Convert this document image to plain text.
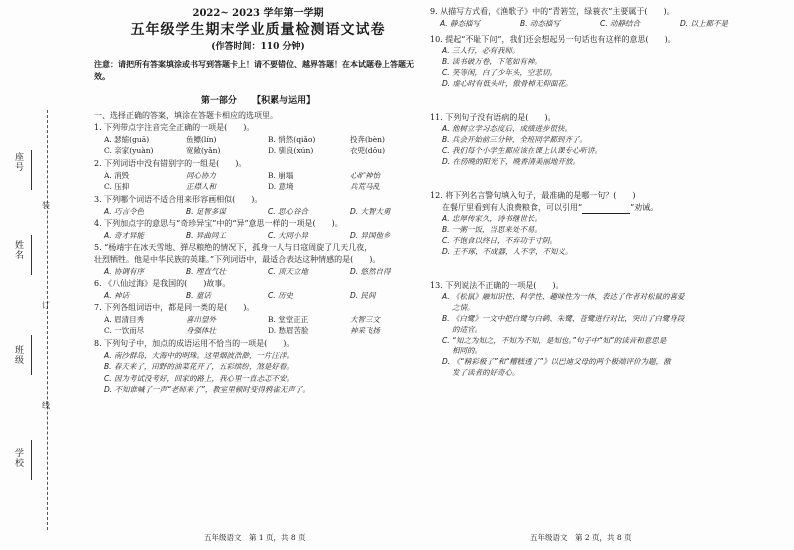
座号
姓名
班级
学校
装
订
线
2022~ 2023 学年第一学期
五年级学生期末学业质量检测语文试卷
(作答时间：110 分钟)
注意：请把所有答案填涂或书写到答题卡上！请不要错位、越界答题！在本试题卷上答题无效。
第一部分 【积累与运用】
一、选择正确的答案，填涂在答题卡相应的选项里。
1. 下列带点字注音完全正确的一项是(　　)。
A. 瑟缩(guā)	鱼鳔(lín)	B. 悄然(qiǎo)	投奔(bèn)
C. 亲家(yuàn)	宽敞(yǎn)	D. 驯良(xún)	衣兜(dōu)
2. 下列词语中没有错别字的一组是(　　)。
A. 消毁	同心协力	B. 崩塌	心旷神怡
C. 压抑	正襟人和	D. 意境	兵荒马乱
3. 下列哪个词语不适合用来形容画相似(　　)。
A. 巧言令色	B. 足智多谋	C. 思心谷合	D. 大智大勇
4. 下列加点字的意思与“奇珍异宝”中的“异”意思一样的一项是(　　)。
A. 奇才异能	B. 异曲同工	C. 大同小异	D. 异国他乡
5. “杨靖宇在冰天雪地、弹尽粮绝的情况下，孤身一人与日寇周旋了几天几夜，
壮烈牺牲。他是中华民族的英雄。”下列词语中，最适合表达这种情感的是(　　)。
A. 协调有序	B. 理直气壮	C. 顶天立地	D. 悠然自得
6. 《八仙过海》是我国的(　　)故事。
A. 神话	B. 童话	C. 历史	D. 民间
7. 下列各组词语中，都是同一类的是(　　)。
A. 眉清目秀	喜出望外	B. 堂堂正正	大智三文
C. 一饮而尽	身强体壮	D. 愁眉苦脸	神采飞扬
8. 下列句子中，加点的成语运用不恰当的一项是(　　)。
A. 南沙群岛，大海中的明珠。这里烟波浩渺，一片汪洋。
B. 春天来了，田野的油菜花开了，五彩缤纷，煞是好看。
C. 因为考试没考好，回家的路上，我心里一直忐忑不安。
D. 不知谁喊了一声“老师来了”，教室里顿时变得鸦雀无声了。
五年级语文　第 1 页，共 8 页
9. 从描写方式看，《渔歌子》中的“青箬笠，绿蓑衣”主要属于(　　)。
A. 静态描写	B. 动态描写	C. 动静结合	D. 以上都不是
10. 提起“不耻下问”，我们还会想起另一句话也有这样的意思(　　)。
A. 三人行，必有我师。
B. 读书破万卷，下笔如有神。
C. 笑等闲，白了少年头，空悲切。
D. 虚心时有低头叶，傲骨棹无仰面花。
11. 下列句子没有语病的是(　　)。
A. 他树立学习态度后，成绩进步很快。
B. 兵会开始前三分钟，全班同学都到齐了。
C. 我们每个小学生都应该在课上认课专心听讲。
D. 在傍晚的阳光下，晚香清美丽地开放。
12. 将下列名言警句填入句子，最准确的是哪一句？(　　)
在餐厅里看到有人浪费粮食，可以引用“	”劝诫。
A. 忠厚传家久，诗书继世长。
B. 一粥一饭，当思来处不易。
C. 不饱食以终日，不弃功于寸阴。
D. 王不琢，不成器，人不学，不知义。
13. 下列说法不正确的一项是(　　)。
A. 《松鼠》融知识性、科学性、趣味性为一体，表达了作者对松鼠的喜爱
之情。
B. 《白鹭》一文中把白鹭与白鹤、朱鹭、苍鹭进行对比，突出了白鹭身段
的适宜。
C. “知之为知之，不知为不知，是知也。”句子中“知”的读音和意思是
相同的。
D. 《“精彩极了”和“糟糕透了”》以巴迪父母的两个极端评价为题，激
发了读者的好奇心。
五年级语文　第 2 页，共 8 页
